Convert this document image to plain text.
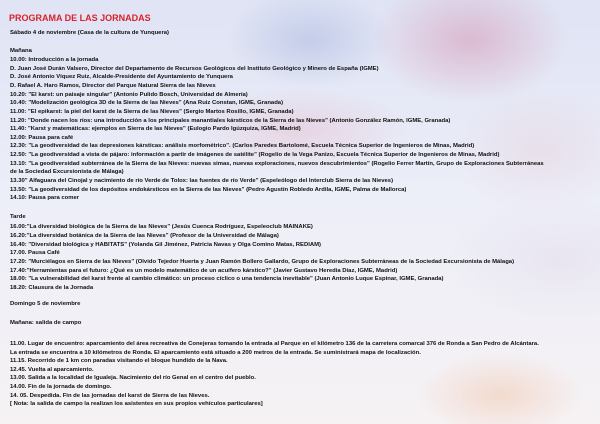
PROGRAMA DE LAS JORNADAS
Sábado 4 de noviembre (Casa de la cultura de Yunquera)
Mañana
10.00: Introducción a la jornada
D. Juan José Durán Valsero, Director del Departamento de Recursos Geológicos del Instituto Geológico y Minero de España (IGME)
D. José Antonio Víquez Ruiz, Alcalde-Presidente del Ayuntamiento de Yunquera
D. Rafael A. Haro Ramos, Director del Parque Natural Sierra de las Nieves
10.20: "El karst: un paisaje singular" (Antonio Pulido Bosch, Universidad de Almería)
10.40: "Modelización geológica 3D de la Sierra de las Nieves" (Ana Ruiz Constan, IGME, Granada)
11.00: "El epikarst: la piel del karst de la Sierra de las Nieves" (Sergio Martos Rosillo, IGME, Granada)
11.20: "Donde nacen los ríos: una introducción a los principales manantiales kársticos de la Sierra de las Nieves" (Antonio González Ramón, IGME, Granada)
11.40: "Karst y matemáticas: ejemplos en Sierra de las Nieves" (Eulogio Pardo Igúzquiza, IGME, Madrid)
12.00: Pausa para café
12.30: "La geodiversidad de las depresiones kársticas: análisis morfométrico". (Carlos Paredes Bartolomé, Escuela Técnica Superior de Ingenieros de Minas, Madrid)
12.50: "La geodiversidad a vista de pájaro: información a partir de imágenes de satélite" (Rogelio de la Vega Panizo, Escuela Técnica Superior de Ingenieros de Minas, Madrid)
13.10: "La geodiversidad subterránea de la Sierra de las Nieves: nuevas simas, nuevas exploraciones, nuevos descubrimientos" (Rogelio Ferrer Martín, Grupo de Exploraciones Subterráneas
de la Sociedad Excursionista de Málaga)
13.30" Alfaguara del Cinojal y nacimiento de río Verde de Tolox: las fuentes de río Verde" (Espeleólogo del Interclub Sierra de las Nieves)
13.50: "La geodiversidad de los depósitos endokársticos en la Sierra de las Nieves" (Pedro Agustín Robledo Ardila, IGME, Palma de Mallorca)
14.10: Pausa para comer
Tarde
16.00:"La diversidad biológica de la Sierra de las Nieves" (Jesús Cuenca Rodríguez, Espeleoclub MAINAKE)
16.20:"La diversidad botánica de la Sierra de las Nieves" (Profesor de la Universidad de Málaga)
16.40: "Diversidad biológica y HABITATS" (Yolanda Gil Jiménez, Patricia Navas y Olga Comino Matas, REDIAM)
17.00. Pausa Café
17.20: "Murciélagos en Sierra de las Nieves" (Olvido Tejedor Huerta y Juan Ramón Bollero Gallardo, Grupo de Exploraciones Subterráneas de la Sociedad Excursionista de Málaga)
17.40:"Herramientas para el futuro: ¿Qué es un modelo matemático de un acuífero kárstico?" (Javier Gustavo Heredia Díaz, IGME, Madrid)
18.00: "La vulnerabilidad del karst frente al cambio climático: un proceso cíclico o una tendencia inevitable" (Juan Antonio Luque Espinar, IGME, Granada)
18.20: Clausura de la Jornada
Domingo 5 de noviembre
Mañana: salida de campo
11.00. Lugar de encuentro: aparcamiento del área recreativa de Conejeras tomando la entrada al Parque en el kilómetro 136 de la carretera comarcal 376 de Ronda a San Pedro de Alcántara.
La entrada se encuentra a 10 kilómetros de Ronda. El aparcamiento está situado a 200 metros de la entrada. Se suministrará mapa de localización.
11.15. Recorrido de 1 km con paradas visitando el bloque hundido de la Nava.
12.45. Vuelta al aparcamiento.
13.00. Salida a la localidad de Igualeja. Nacimiento del río Genal en el centro del pueblo.
14.00. Fin de la jornada de domingo.
14. 05. Despedida. Fin de las jornadas del karst de Sierra de las Nieves.
[ Nota: la salida de campo la realizan los asistentes en sus propios vehículos particulares]
